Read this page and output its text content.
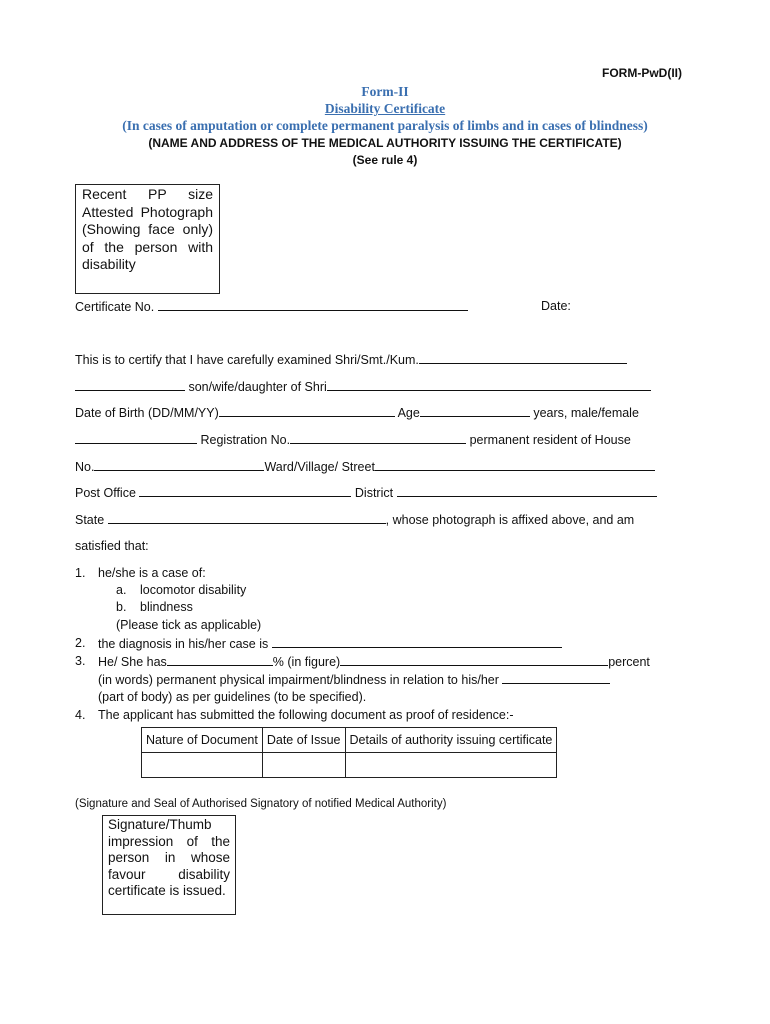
FORM-PwD(II)
Form-II
Disability Certificate
(In cases of amputation or complete permanent paralysis of limbs and in cases of blindness)
(NAME AND ADDRESS OF THE MEDICAL AUTHORITY ISSUING THE CERTIFICATE)
(See rule 4)
Recent PP size Attested Photograph (Showing face only) of the person with disability
Certificate No.	Date:
This is to certify that I have carefully examined Shri/Smt./Kum.
son/wife/daughter of Shri
Date of Birth (DD/MM/YY)	Age	years, male/female
Registration No.	permanent resident of House
No.	Ward/Village/ Street
Post Office	District
State	, whose photograph is affixed above, and am
satisfied that:
1. he/she is a case of:
a. locomotor disability
b. blindness
(Please tick as applicable)
2. the diagnosis in his/her case is
3. He/ She has	% (in figure)	percent
(in words) permanent physical impairment/blindness in relation to his/her
(part of body) as per guidelines (to be specified).
4. The applicant has submitted the following document as proof of residence:-
Nature of Document	Date of Issue	Details of authority issuing certificate

(Signature and Seal of Authorised Signatory of notified Medical Authority)
Signature/Thumb impression of the person in whose favour disability certificate is issued.
